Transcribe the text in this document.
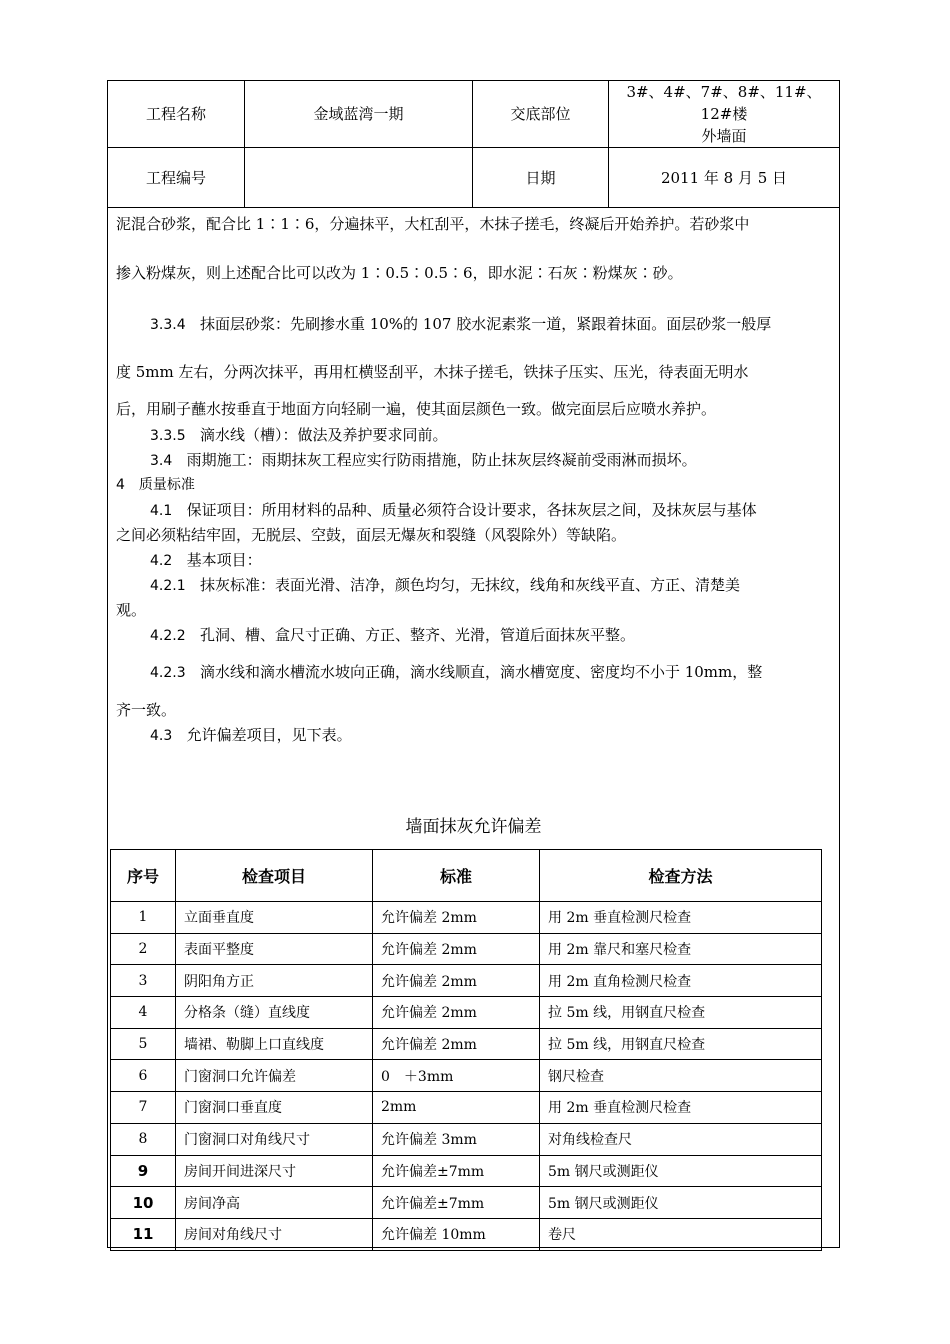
工程名称	金域蓝湾一期	交底部位	3#、4#、7#、8#、11#、12#楼
外墙面

工程编号		日期	2011 年 8 月 5 日
泥混合砂浆，配合比 1∶1∶6，分遍抹平，大杠刮平，木抹子搓毛，终凝后开始养护。若砂浆中
掺入粉煤灰，则上述配合比可以改为 1∶0.5∶0.5∶6，即水泥∶石灰∶粉煤灰∶砂。
3.3.4 抹面层砂浆：先刷掺水重 10%的 107 胶水泥素浆一道，紧跟着抹面。面层砂浆一般厚
度 5mm 左右，分两次抹平，再用杠横竖刮平，木抹子搓毛，铁抹子压实、压光，待表面无明水
后，用刷子蘸水按垂直于地面方向轻刷一遍，使其面层颜色一致。做完面层后应喷水养护。
3.3.5 滴水线（槽）：做法及养护要求同前。
3.4 雨期施工：雨期抹灰工程应实行防雨措施，防止抹灰层终凝前受雨淋而损坏。
4　质量标准
4.1 保证项目：所用材料的品种、质量必须符合设计要求，各抹灰层之间，及抹灰层与基体
之间必须粘结牢固，无脱层、空鼓，面层无爆灰和裂缝（风裂除外）等缺陷。
4.2 基本项目：
4.2.1 抹灰标准：表面光滑、洁净，颜色均匀，无抹纹，线角和灰线平直、方正、清楚美
观。
4.2.2 孔洞、槽、盒尺寸正确、方正、整齐、光滑，管道后面抹灰平整。
4.2.3 滴水线和滴水槽流水坡向正确，滴水线顺直，滴水槽宽度、密度均不小于 10mm，整
齐一致。
4.3 允许偏差项目，见下表。
墙面抹灰允许偏差
序号	检查项目	标准	检查方法
1	立面垂直度	允许偏差 2mm	用 2m 垂直检测尺检查
2	表面平整度	允许偏差 2mm	用 2m 靠尺和塞尺检查
3	阴阳角方正	允许偏差 2mm	用 2m 直角检测尺检查
4	分格条（缝）直线度	允许偏差 2mm	拉 5m 线，用钢直尺检查
5	墙裙、勒脚上口直线度	允许偏差 2mm	拉 5m 线，用钢直尺检查
6	门窗洞口允许偏差	0　＋3mm	钢尺检查
7	门窗洞口垂直度	2mm	用 2m 垂直检测尺检查
8	门窗洞口对角线尺寸	允许偏差 3mm	对角线检查尺
9	房间开间进深尺寸	允许偏差±7mm	5m 钢尺或测距仪
10	房间净高	允许偏差±7mm	5m 钢尺或测距仪
11	房间对角线尺寸	允许偏差 10mm	卷尺
